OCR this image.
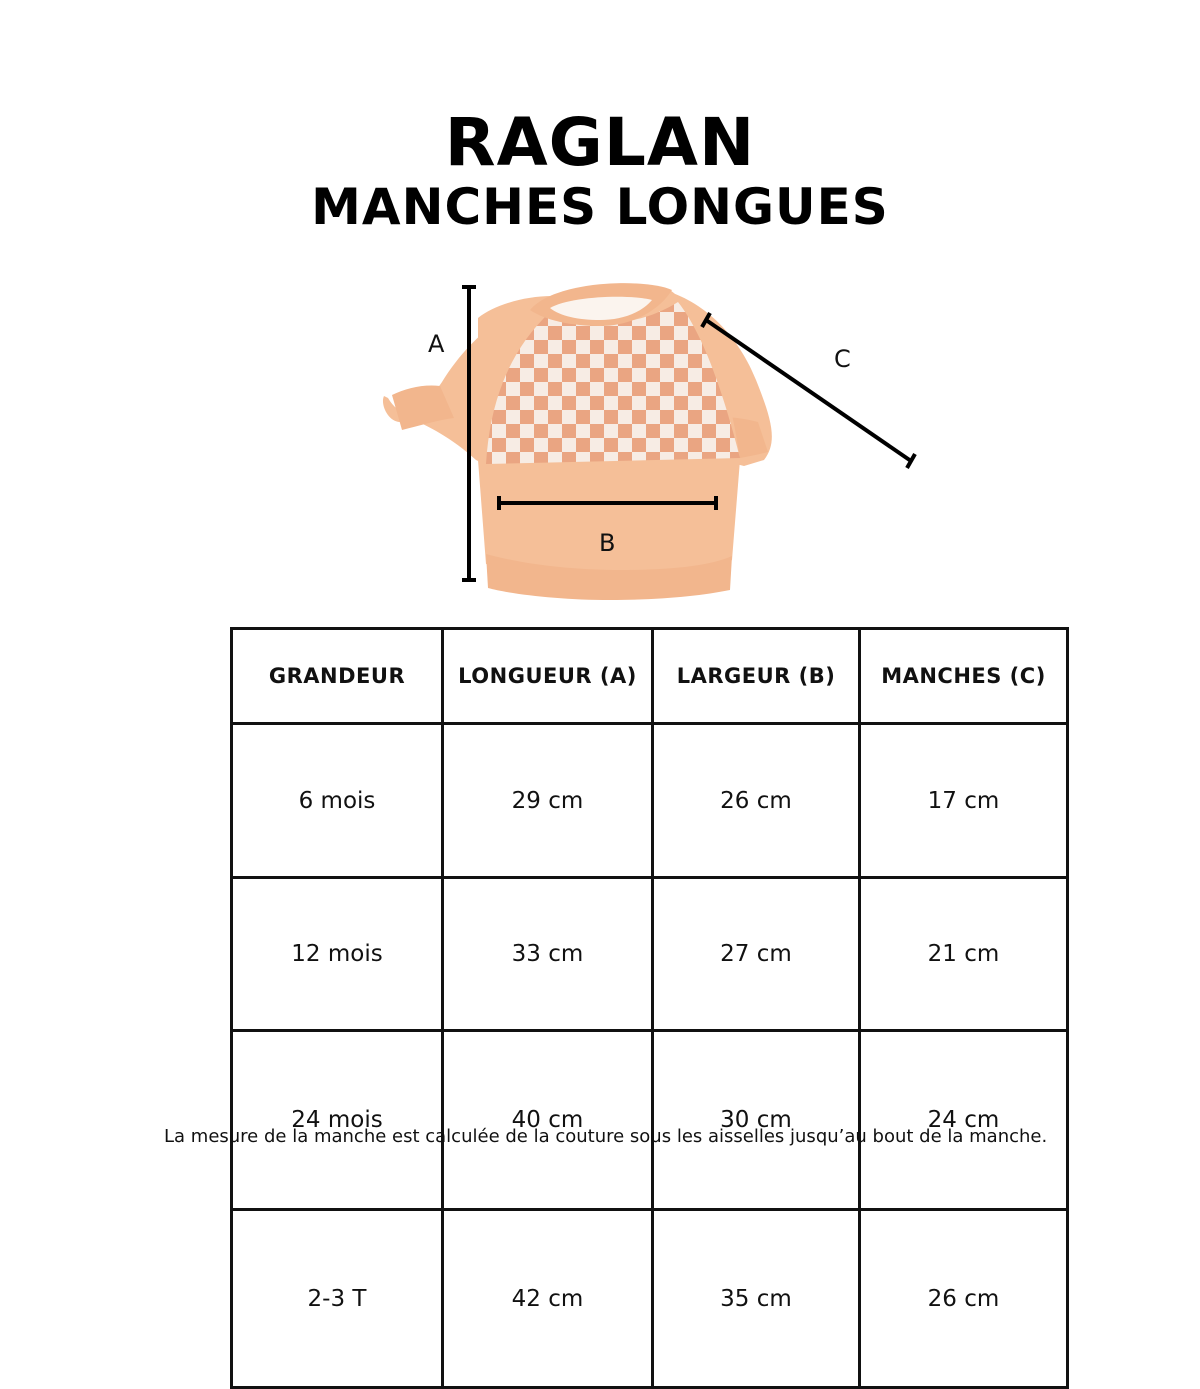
RAGLAN
MANCHES LONGUES
A
B
C
GRANDEUR	LONGUEUR (A)	LARGEUR (B)	MANCHES (C)
6 mois	29 cm	26 cm	17 cm
12 mois	33 cm	27 cm	21 cm
24 mois	40 cm	30 cm	24 cm
2-3 T	42 cm	35 cm	26 cm
La mesure de la manche est calculée de la couture sous les aisselles jusqu’au bout de la manche.
